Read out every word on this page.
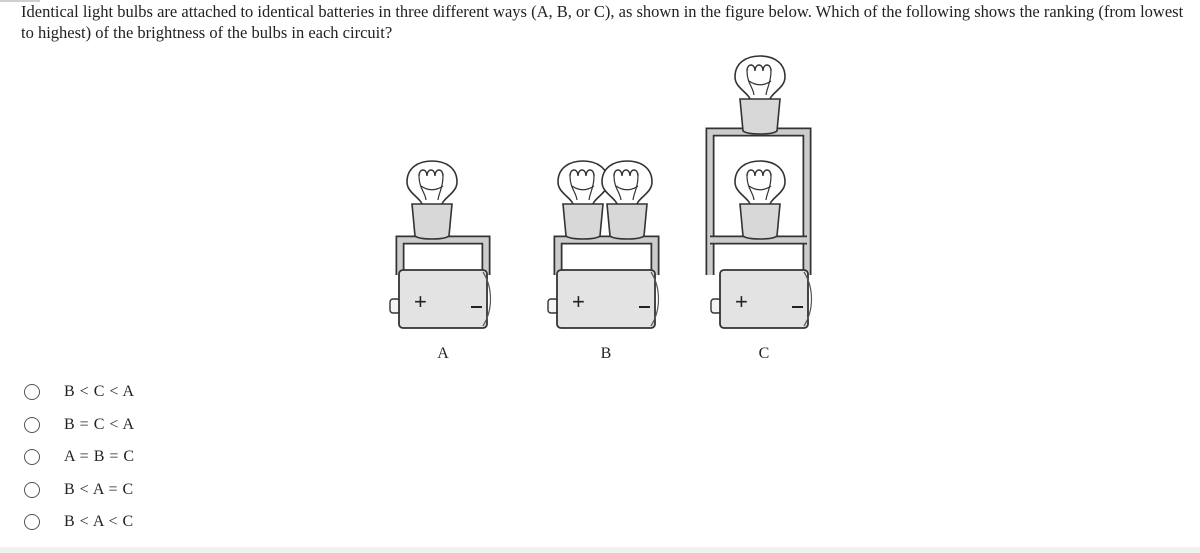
Identical light bulbs are attached to identical batteries in three different ways (A, B, or C), as shown in the figure below. Which of the following shows the ranking (from lowest to highest) of the brightness of the bulbs in each circuit?
+
A
+
B
+
C
B < C < A
B = C < A
A = B = C
B < A = C
B < A < C
